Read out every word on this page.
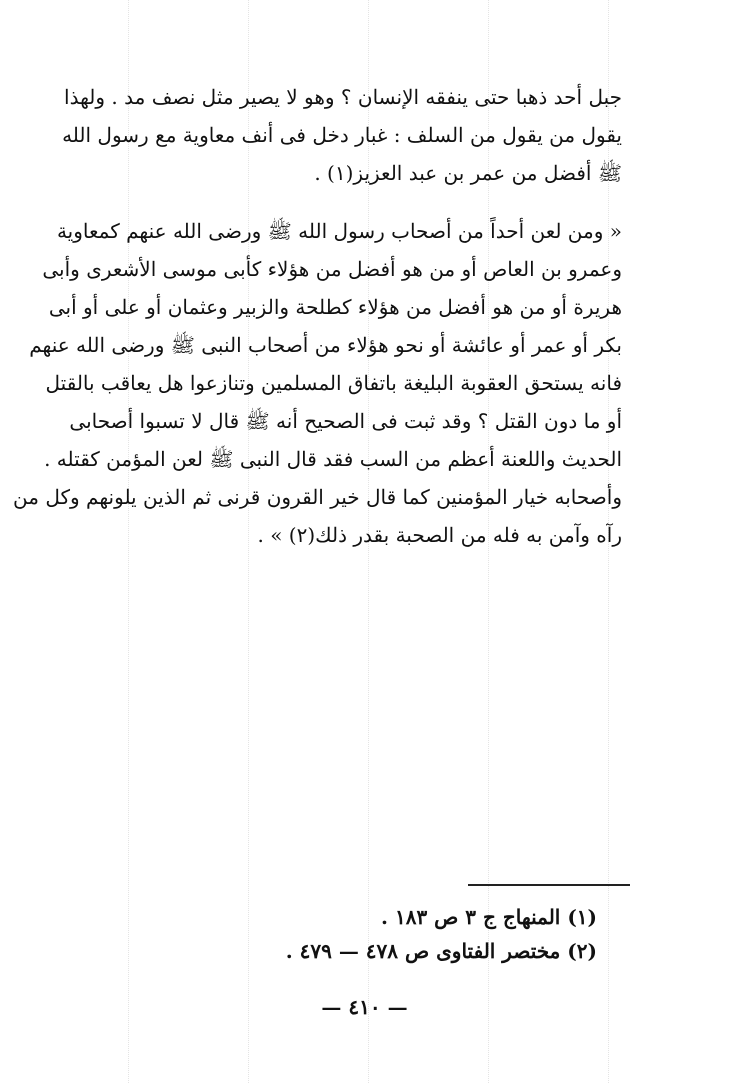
جبل أحد ذهبا حتى ينفقه الإنسان ؟ وهو لا يصير مثل نصف مد . ولهذا
يقول من يقول من السلف : غبار دخل فى أنف معاوية مع رسول الله
ﷺ أفضل من عمر بن عبد العزيز(١) .
« ومن لعن أحداً من أصحاب رسول الله ﷺ ورضى الله عنهم كمعاوية
وعمرو بن العاص أو من هو أفضل من هؤلاء كأبى موسى الأشعرى وأبى
هريرة أو من هو أفضل من هؤلاء كطلحة والزبير وعثمان أو على أو أبى
بكر أو عمر أو عائشة أو نحو هؤلاء من أصحاب النبى ﷺ ورضى الله عنهم
فانه يستحق العقوبة البليغة باتفاق المسلمين وتنازعوا هل يعاقب بالقتل
أو ما دون القتل ؟ وقد ثبت فى الصحيح أنه ﷺ قال لا تسبوا أصحابى
الحديث واللعنة أعظم من السب فقد قال النبى ﷺ لعن المؤمن كقتله .
وأصحابه خيار المؤمنين كما قال خير القرون قرنى ثم الذين يلونهم وكل من
رآه وآمن به فله من الصحبة بقدر ذلك(٢) » .
(١) المنهاج ج ٣ ص ١٨٣ .
(٢) مختصر الفتاوى ص ٤٧٨ — ٤٧٩ .
— ٤١٠ —
